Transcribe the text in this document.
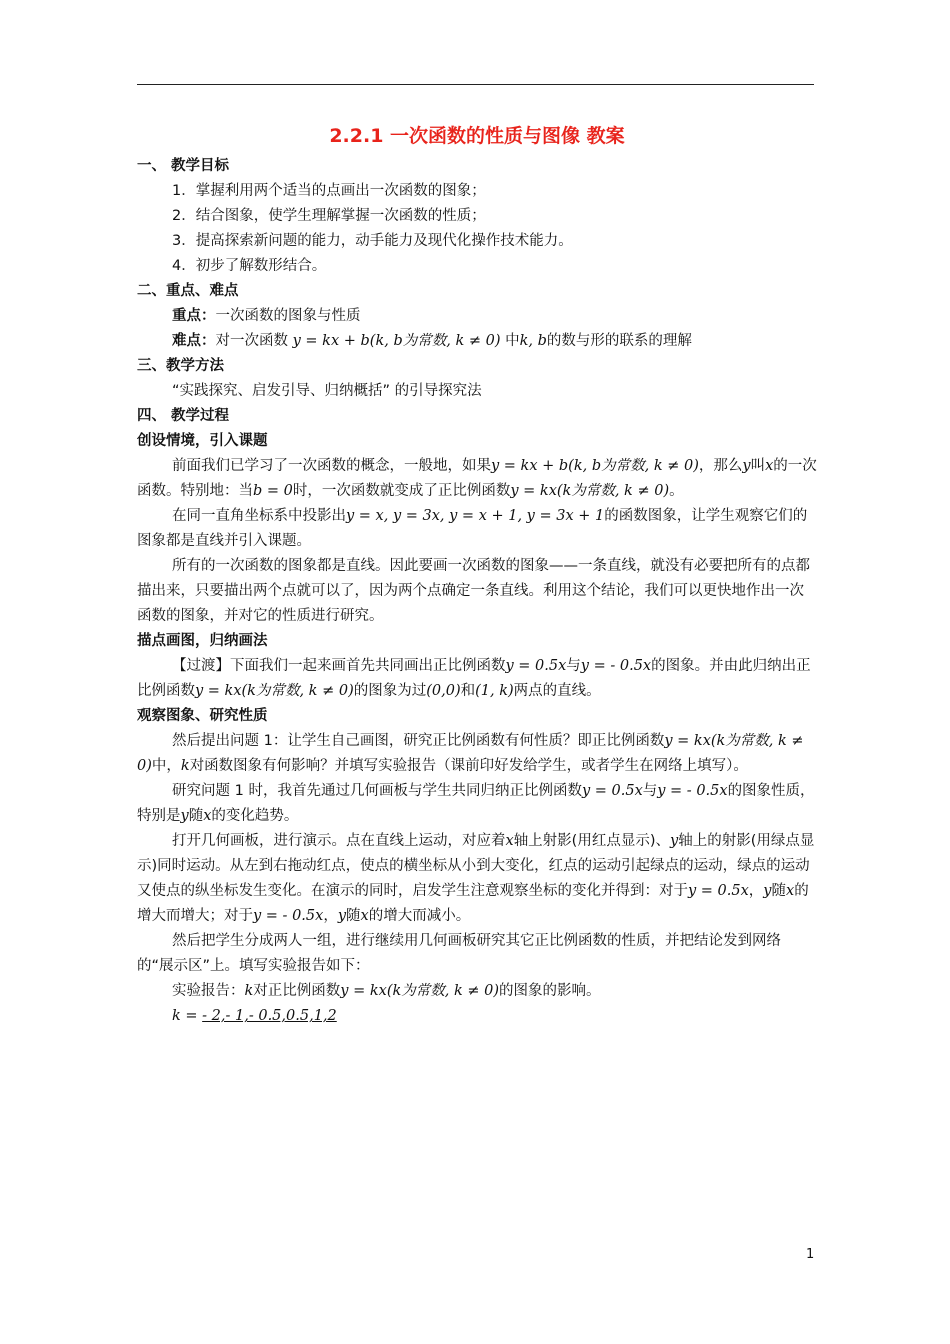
2.2.1 一次函数的性质与图像 教案

一、 教学目标

1．掌握利用两个适当的点画出一次函数的图象；

2．结合图象，使学生理解掌握一次函数的性质；

3．提高探索新问题的能力，动手能力及现代化操作技术能力。

4．初步了解数形结合。

二、重点、难点

重点：一次函数的图象与性质

难点：对一次函数 y = kx + b(k, b为常数, k ≠ 0) 中k, b的数与形的联系的理解

三、教学方法

“实践探究、启发引导、归纳概括” 的引导探究法

四、 教学过程

创设情境，引入课题

前面我们已学习了一次函数的概念，一般地，如果y = kx + b(k, b为常数, k ≠ 0)，那么y叫x的一次函数。特别地：当b = 0时，一次函数就变成了正比例函数y = kx(k为常数, k ≠ 0)。

在同一直角坐标系中投影出y = x, y = 3x, y = x + 1, y = 3x + 1的函数图象，让学生观察它们的图象都是直线并引入课题。

所有的一次函数的图象都是直线。因此要画一次函数的图象——一条直线，就没有必要把所有的点都描出来，只要描出两个点就可以了，因为两个点确定一条直线。利用这个结论，我们可以更快地作出一次函数的图象，并对它的性质进行研究。

描点画图，归纳画法

【过渡】下面我们一起来画首先共同画出正比例函数y = 0.5x与y = - 0.5x的图象。并由此归纳出正比例函数y = kx(k为常数, k ≠ 0)的图象为过(0,0)和(1, k)两点的直线。

观察图象、研究性质

然后提出问题 1：让学生自己画图，研究正比例函数有何性质？即正比例函数y = kx(k为常数, k ≠ 0)中，k对函数图象有何影响？并填写实验报告（课前印好发给学生，或者学生在网络上填写）。

研究问题 1 时，我首先通过几何画板与学生共同归纳正比例函数y = 0.5x与y = - 0.5x的图象性质，特别是y随x的变化趋势。

打开几何画板，进行演示。点在直线上运动，对应着x轴上射影(用红点显示)、y轴上的射影(用绿点显示)同时运动。从左到右拖动红点，使点的横坐标从小到大变化，红点的运动引起绿点的运动，绿点的运动又使点的纵坐标发生变化。在演示的同时，启发学生注意观察坐标的变化并得到：对于y = 0.5x，y随x的增大而增大；对于y = - 0.5x，y随x的增大而减小。

然后把学生分成两人一组，进行继续用几何画板研究其它正比例函数的性质，并把结论发到网络的“展示区”上。填写实验报告如下：

实验报告：k对正比例函数y = kx(k为常数, k ≠ 0)的图象的影响。

k = - 2,- 1,- 0.5,0.5,1,2

1
